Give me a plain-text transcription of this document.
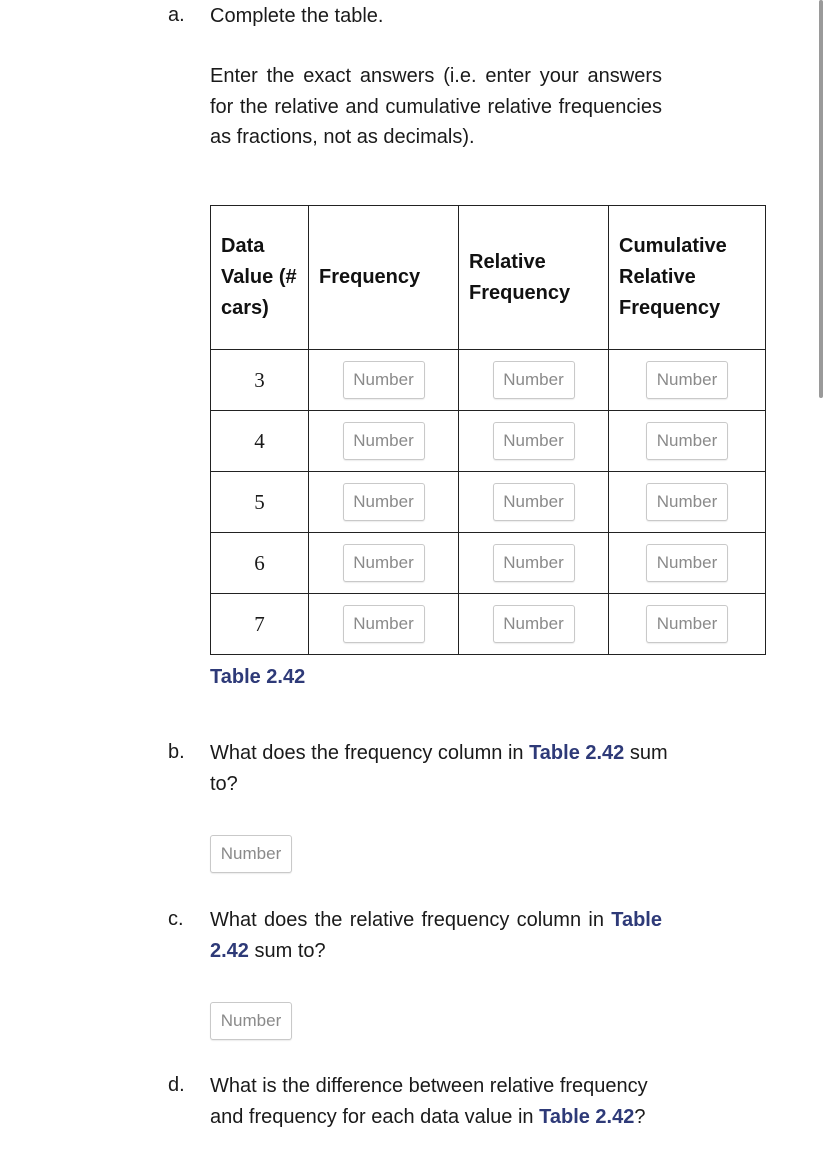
a. Complete the table.
Enter the exact answers (i.e. enter your answers for the relative and cumulative relative frequencies as fractions, not as decimals).
Data Value (# cars)	Frequency	Relative Frequency	Cumulative Relative Frequency
3	Number	Number	Number
4	Number	Number	Number
5	Number	Number	Number
6	Number	Number	Number
7	Number	Number	Number
Table 2.42
b. What does the frequency column in Table 2.42 sum to?
Number
c. What does the relative frequency column in Table 2.42 sum to?
Number
d. What is the difference between relative frequency and frequency for each data value in Table 2.42?
